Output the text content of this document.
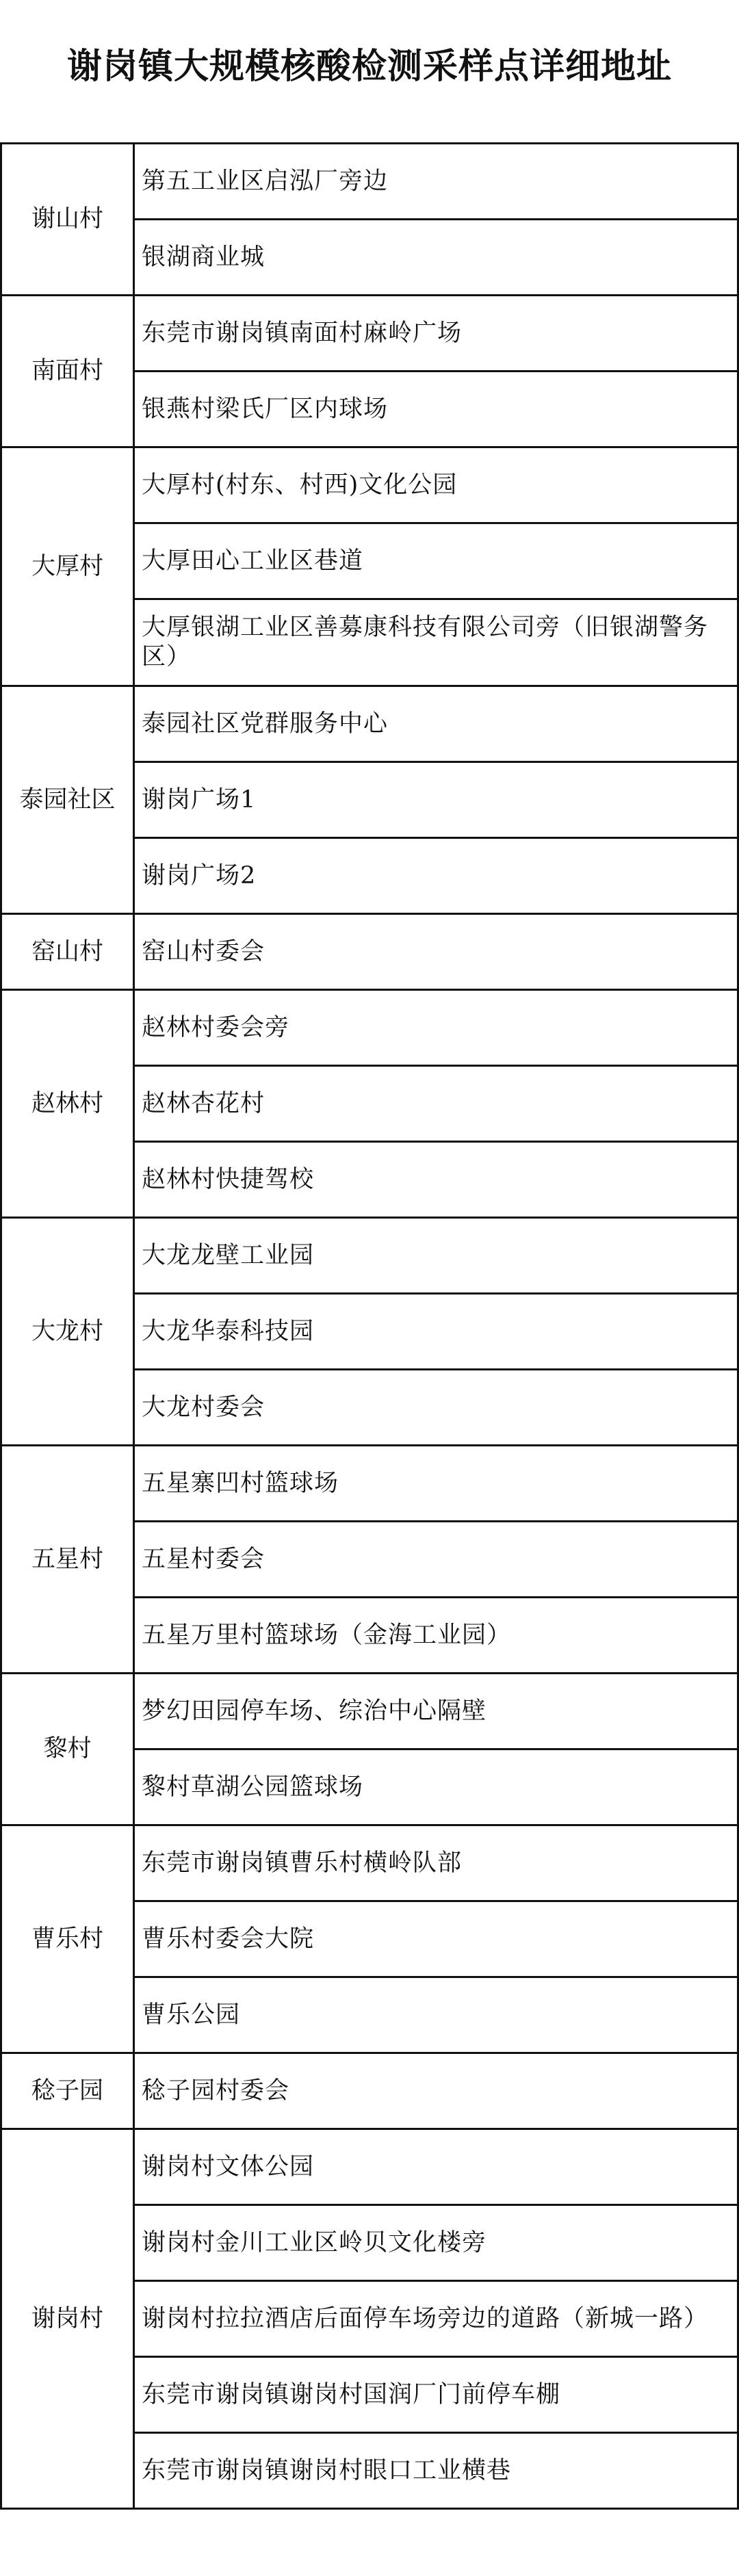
谢岗镇大规模核酸检测采样点详细地址
谢山村	第五工业区启泓厂旁边
	银湖商业城
南面村	东莞市谢岗镇南面村麻岭广场
	银燕村梁氏厂区内球场
大厚村	大厚村(村东、村西)文化公园
	大厚田心工业区巷道
	大厚银湖工业区善募康科技有限公司旁（旧银湖警务区）
泰园社区	泰园社区党群服务中心
	谢岗广场1
	谢岗广场2
窑山村	窑山村委会
赵林村	赵林村委会旁
	赵林杏花村
	赵林村快捷驾校
大龙村	大龙龙壁工业园
	大龙华泰科技园
	大龙村委会
五星村	五星寨凹村篮球场
	五星村委会
	五星万里村篮球场（金海工业园）
黎村	梦幻田园停车场、综治中心隔壁
	黎村草湖公园篮球场
曹乐村	东莞市谢岗镇曹乐村横岭队部
	曹乐村委会大院
	曹乐公园
稔子园	稔子园村委会
谢岗村	谢岗村文体公园
	谢岗村金川工业区岭贝文化楼旁
	谢岗村拉拉酒店后面停车场旁边的道路（新城一路）
	东莞市谢岗镇谢岗村国润厂门前停车棚
	东莞市谢岗镇谢岗村眼口工业横巷
